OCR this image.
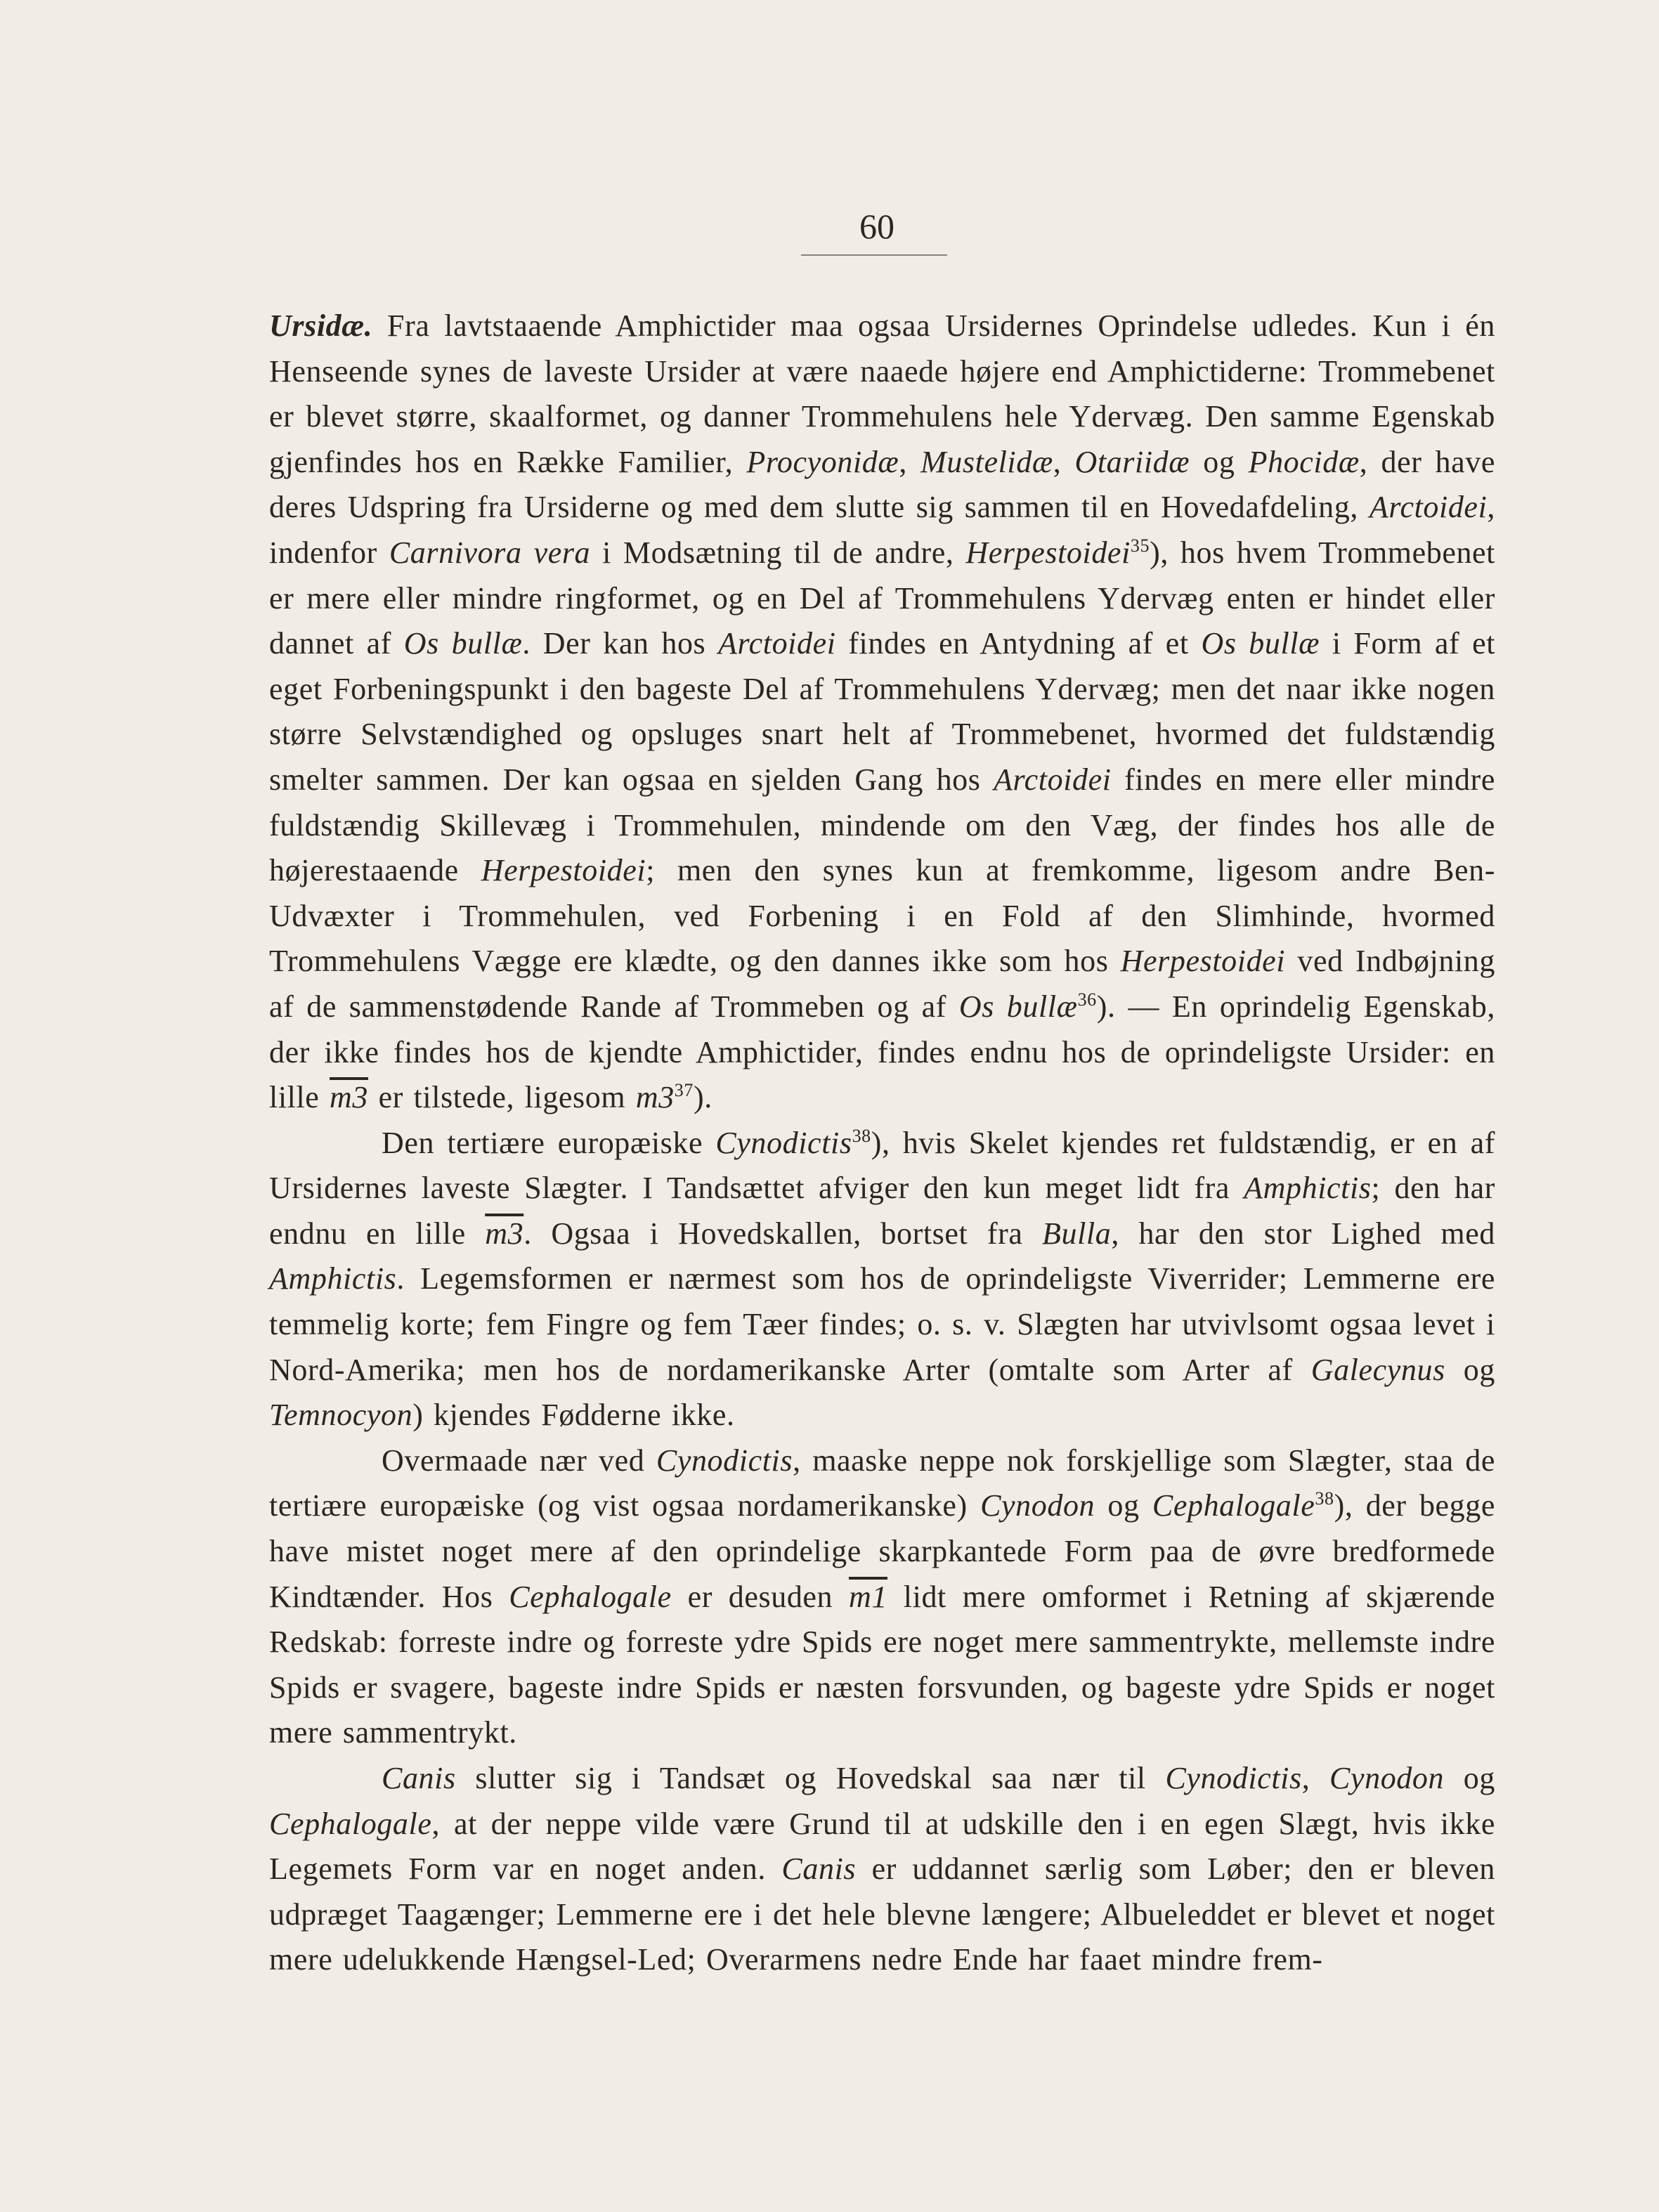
60

Ursidæ. Fra lavtstaaende Amphictider maa ogsaa Ursidernes Oprindelse udledes. Kun i én Henseende synes de laveste Ursider at være naaede højere end Amphictiderne: Trommebenet er blevet større, skaalformet, og danner Trommehulens hele Ydervæg. Den samme Egenskab gjenfindes hos en Række Familier, Procyonidæ, Mustelidæ, Otariidæ og Phocidæ, der have deres Udspring fra Ursiderne og med dem slutte sig sammen til en Hovedafdeling, Arctoidei, indenfor Carnivora vera i Modsætning til de andre, Herpestoidei$^{35}$), hos hvem Trommebenet er mere eller mindre ringformet, og en Del af Trommehulens Ydervæg enten er hindet eller dannet af Os bullæ. Der kan hos Arctoidei findes en Antydning af et Os bullæ i Form af et eget Forbeningspunkt i den bageste Del af Trommehulens Ydervæg; men det naar ikke nogen større Selvstændighed og opsluges snart helt af Trommebenet, hvormed det fuldstændig smelter sammen. Der kan ogsaa en sjelden Gang hos Arctoidei findes en mere eller mindre fuldstændig Skillevæg i Trommehulen, mindende om den Væg, der findes hos alle de højerestaaende Herpestoidei; men den synes kun at fremkomme, ligesom andre Ben-Udvæxter i Trommehulen, ved Forbening i en Fold af den Slimhinde, hvormed Trommehulens Vægge ere klædte, og den dannes ikke som hos Herpestoidei ved Indbøjning af de sammenstødende Rande af Trommeben og af Os bullæ$^{36}$). — En oprindelig Egenskab, der ikke findes hos de kjendte Amphictider, findes endnu hos de oprindeligste Ursider: en lille m3 er tilstede, ligesom $m3^{37}$).

Den tertiære europæiske Cynodictis$^{38}$), hvis Skelet kjendes ret fuldstændig, er en af Ursidernes laveste Slægter. I Tandsættet afviger den kun meget lidt fra Amphictis; den har endnu en lille m3. Ogsaa i Hovedskallen, bortset fra Bulla, har den stor Lighed med Amphictis. Legemsformen er nærmest som hos de oprindeligste Viverrider; Lemmerne ere temmelig korte; fem Fingre og fem Tæer findes; o. s. v. Slægten har utvivlsomt ogsaa levet i Nord-Amerika; men hos de nordamerikanske Arter (omtalte som Arter af Galecynus og Temnocyon) kjendes Fødderne ikke.

Overmaade nær ved Cynodictis, maaske neppe nok forskjellige som Slægter, staa de tertiære europæiske (og vist ogsaa nordamerikanske) Cynodon og Cephalogale$^{38}$), der begge have mistet noget mere af den oprindelige skarpkantede Form paa de øvre bredformede Kindtænder. Hos Cephalogale er desuden m1 lidt mere omformet i Retning af skjærende Redskab: forreste indre og forreste ydre Spids ere noget mere sammentrykte, mellemste indre Spids er svagere, bageste indre Spids er næsten forsvunden, og bageste ydre Spids er noget mere sammentrykt.

Canis slutter sig i Tandsæt og Hovedskal saa nær til Cynodictis, Cynodon og Cephalogale, at der neppe vilde være Grund til at udskille den i en egen Slægt, hvis ikke Legemets Form var en noget anden. Canis er uddannet særlig som Løber; den er bleven udpræget Taagænger; Lemmerne ere i det hele blevne længere; Albueleddet er blevet et noget mere udelukkende Hængsel-Led; Overarmens nedre Ende har faaet mindre frem-
